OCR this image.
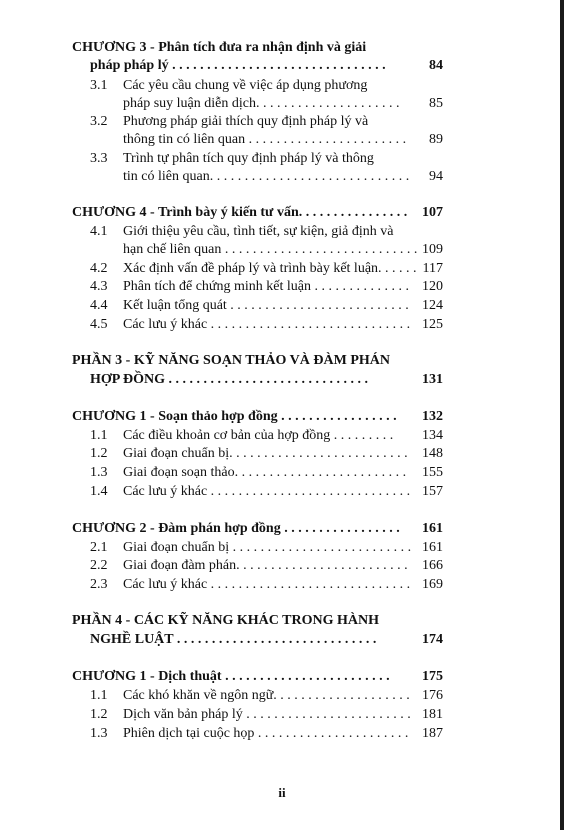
CHƯƠNG 3 - Phân tích đưa ra nhận định và giải
pháp pháp lý . . . . . . . . . . . . . . . . . . . . . . . . . . . . . . .	84
3.1 Các yêu cầu chung về việc áp dụng phương
pháp suy luận diễn dịch. . . . . . . . . . . . . . . . . . . . . 85
3.2 Phương pháp giải thích quy định pháp lý và
thông tin có liên quan . . . . . . . . . . . . . . . . . . . . . . . 89
3.3 Trình tự phân tích quy định pháp lý và thông
tin có liên quan. . . . . . . . . . . . . . . . . . . . . . . . . . . . . 94
CHƯƠNG 4 - Trình bày ý kiến tư vấn. . . . . . . . . . . . . . . . 107
4.1 Giới thiệu yêu cầu, tình tiết, sự kiện, giả định và
hạn chế liên quan . . . . . . . . . . . . . . . . . . . . . . . . . . . . 109
4.2 Xác định vấn đề pháp lý và trình bày kết luận. . . . . . 117
4.3 Phân tích để chứng minh kết luận . . . . . . . . . . . . . . 120
4.4 Kết luận tổng quát . . . . . . . . . . . . . . . . . . . . . . . . . . 124
4.5 Các lưu ý khác . . . . . . . . . . . . . . . . . . . . . . . . . . . . . 125
PHẦN 3 - KỸ NĂNG SOẠN THẢO VÀ ĐÀM PHÁN
HỢP ĐỒNG . . . . . . . . . . . . . . . . . . . . . . . . . . . . .	131
CHƯƠNG 1 - Soạn thảo hợp đồng . . . . . . . . . . . . . . . . . 132
1.1 Các điều khoản cơ bản của hợp đồng . . . . . . . . . 134
1.2 Giai đoạn chuẩn bị. . . . . . . . . . . . . . . . . . . . . . . . . . 148
1.3 Giai đoạn soạn thảo. . . . . . . . . . . . . . . . . . . . . . . . . 155
1.4 Các lưu ý khác . . . . . . . . . . . . . . . . . . . . . . . . . . . . . 157
CHƯƠNG 2 - Đàm phán hợp đồng . . . . . . . . . . . . . . . . . 161
2.1 Giai đoạn chuẩn bị . . . . . . . . . . . . . . . . . . . . . . . . . . 161
2.2 Giai đoạn đàm phán. . . . . . . . . . . . . . . . . . . . . . . . . 166
2.3 Các lưu ý khác . . . . . . . . . . . . . . . . . . . . . . . . . . . . . 169
PHẦN 4 - CÁC KỸ NĂNG KHÁC TRONG HÀNH
NGHỀ LUẬT . . . . . . . . . . . . . . . . . . . . . . . . . . . . .	174
CHƯƠNG 1 - Dịch thuật . . . . . . . . . . . . . . . . . . . . . . . . 175
1.1 Các khó khăn về ngôn ngữ. . . . . . . . . . . . . . . . . . . . 176
1.2 Dịch văn bản pháp lý . . . . . . . . . . . . . . . . . . . . . . . . 181
1.3 Phiên dịch tại cuộc họp . . . . . . . . . . . . . . . . . . . . . . 187
ii
